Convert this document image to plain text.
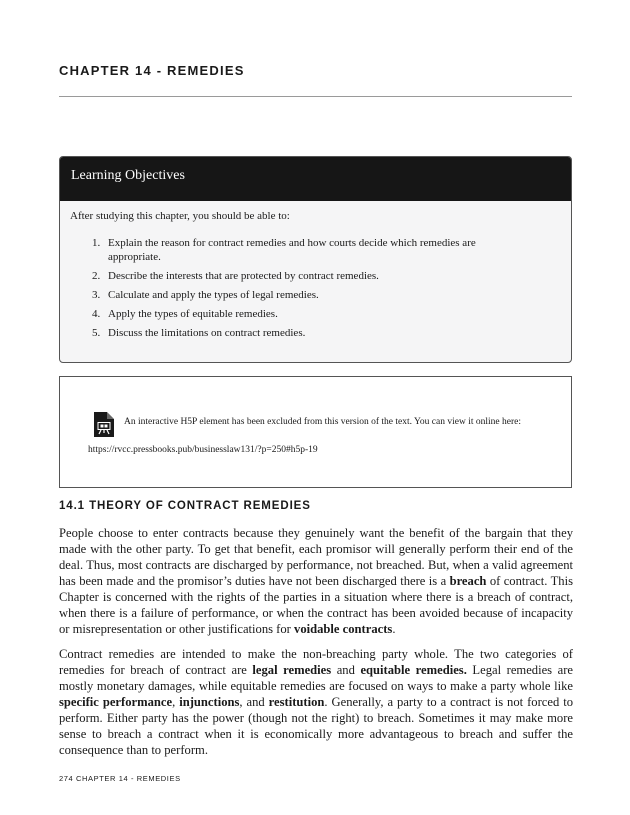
CHAPTER 14 - REMEDIES
Learning Objectives
After studying this chapter, you should be able to:
1. Explain the reason for contract remedies and how courts decide which remedies are appropriate.
2. Describe the interests that are protected by contract remedies.
3. Calculate and apply the types of legal remedies.
4. Apply the types of equitable remedies.
5. Discuss the limitations on contract remedies.
An interactive H5P element has been excluded from this version of the text. You can view it online here:
https://rvcc.pressbooks.pub/businesslaw131/?p=250#h5p-19
14.1 THEORY OF CONTRACT REMEDIES

People choose to enter contracts because they genuinely want the benefit of the bargain that they made with the other party. To get that benefit, each promisor will generally perform their end of the deal. Thus, most contracts are discharged by performance, not breached. But, when a valid agreement has been made and the promisor’s duties have not been discharged there is a breach of contract. This Chapter is concerned with the rights of the parties in a situation where there is a breach of contract, when there is a failure of performance, or when the contract has been avoided because of incapacity or misrepresentation or other justifications for voidable contracts.

Contract remedies are intended to make the non-breaching party whole. The two categories of remedies for breach of contract are legal remedies and equitable remedies. Legal remedies are mostly monetary damages, while equitable remedies are focused on ways to make a party whole like specific performance, injunctions, and restitution. Generally, a party to a contract is not forced to perform. Either party has the power (though not the right) to breach. Sometimes it may make more sense to breach a contract when it is economically more advantageous to breach and suffer the consequence than to perform.

274 CHAPTER 14 - REMEDIES
